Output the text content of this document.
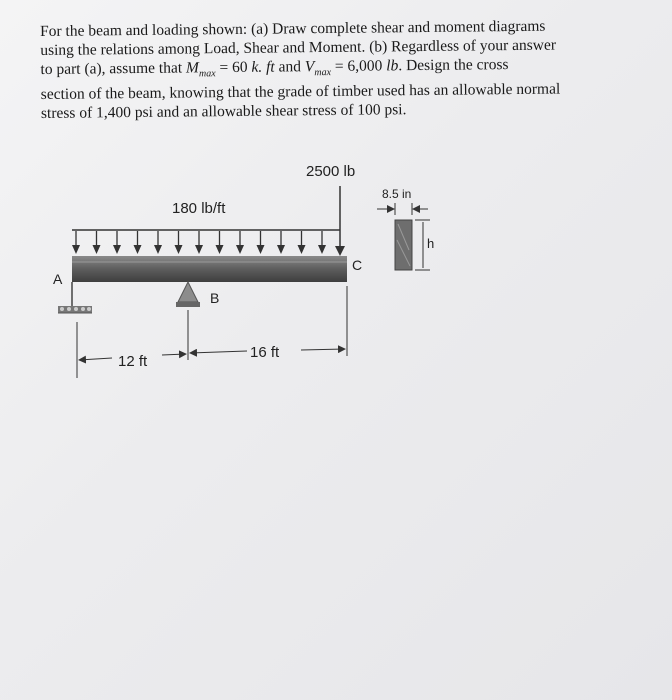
For the beam and loading shown: (a) Draw complete shear and moment diagrams

using the relations among Load, Shear and Moment. (b) Regardless of your answer

to part (a), assume that $M_{max} = 60$ k. ft and $V_{max} = 6,000$ lb. Design the cross

section of the beam, knowing that the grade of timber used has an allowable normal

stress of 1,400 psi and an allowable shear stress of 100 psi.

180 lb/ft
2500 lb
A
C
B
12 ft
16 ft
8.5 in
h
